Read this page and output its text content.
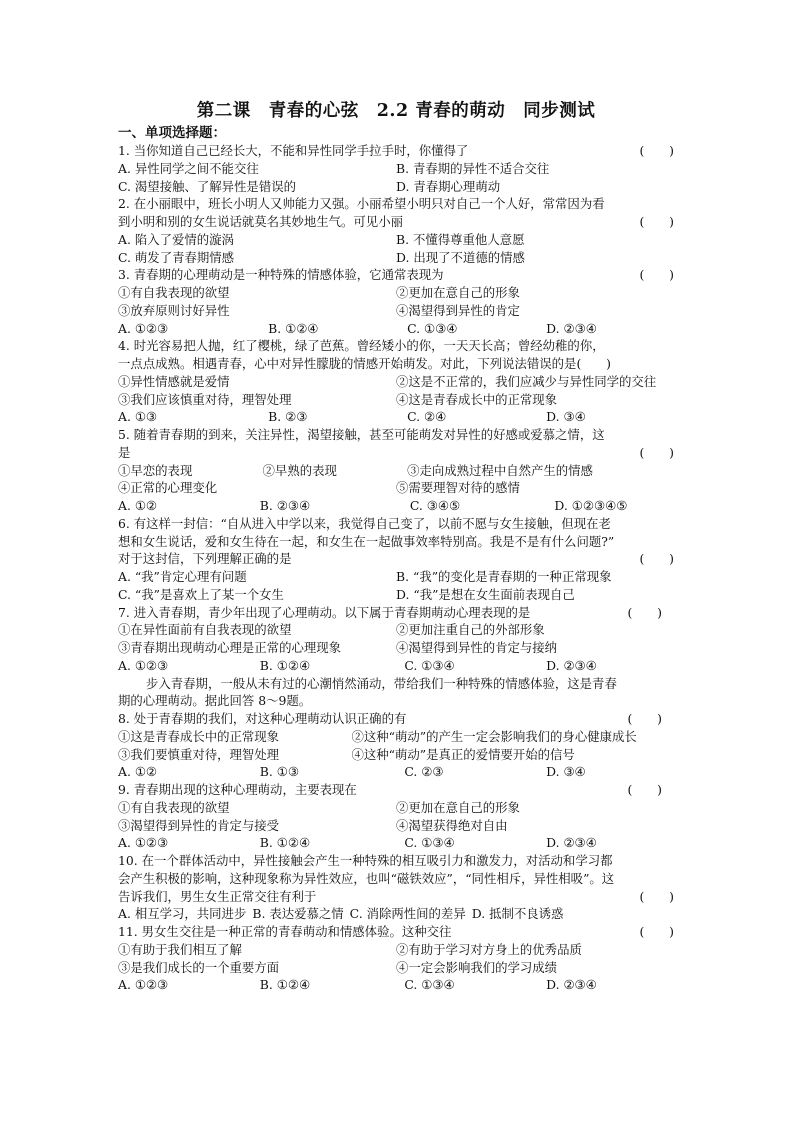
第二课　青春的心弦　2.2 青春的萌动　同步测试
一、单项选择题：
1. 当你知道自己已经长大，不能和异性同学手拉手时，你懂得了	(　　)
A. 异性同学之间不能交往	B. 青春期的异性不适合交往
C. 渴望接触、了解异性是错误的	D. 青春期心理萌动
2. 在小丽眼中，班长小明人又帅能力又强。小丽希望小明只对自己一个人好，常常因为看
到小明和别的女生说话就莫名其妙地生气。可见小丽	(　　)
A. 陷入了爱情的漩涡	B. 不懂得尊重他人意愿
C. 萌发了青春期情感	D. 出现了不道德的情感
3. 青春期的心理萌动是一种特殊的情感体验，它通常表现为	(　　)
①有自我表现的欲望	②更加在意自己的形象
③放弃原则讨好异性	④渴望得到异性的肯定
A. ①②③	B. ①②④	C. ①③④	D. ②③④
4. 时光容易把人抛，红了樱桃，绿了芭蕉。曾经矮小的你，一天天长高；曾经幼稚的你，
一点点成熟。相遇青春，心中对异性朦胧的情感开始萌发。对此，下列说法错误的是(　　)
①异性情感就是爱情	②这是不正常的，我们应减少与异性同学的交往
③我们应该慎重对待，理智处理	④这是青春成长中的正常现象
A. ①③	B. ②③	C. ②④	D. ③④
5. 随着青春期的到来，关注异性，渴望接触，甚至可能萌发对异性的好感或爱慕之情，这
是	(　　)
①早恋的表现	②早熟的表现	③走向成熟过程中自然产生的情感
④正常的心理变化	⑤需要理智对待的感情
A. ①②	B. ②③④	C. ③④⑤	D. ①②③④⑤
6. 有这样一封信：“自从进入中学以来，我觉得自己变了，以前不愿与女生接触，但现在老
想和女生说话，爱和女生待在一起，和女生在一起做事效率特别高。我是不是有什么问题?”
对于这封信，下列理解正确的是	(　　)
A. “我”肯定心理有问题	B. “我”的变化是青春期的一种正常现象
C. “我”是喜欢上了某一个女生	D. “我”是想在女生面前表现自己
7. 进入青春期，青少年出现了心理萌动。以下属于青春期萌动心理表现的是	(　　)
①在异性面前有自我表现的欲望	②更加注重自己的外部形象
③青春期出现萌动心理是正常的心理现象	④渴望得到异性的肯定与接纳
A. ①②③	B. ①②④	C. ①③④	D. ②③④
步入青春期，一般从未有过的心潮悄然涌动，带给我们一种特殊的情感体验，这是青春
期的心理萌动。据此回答 8～9题。
8. 处于青春期的我们，对这种心理萌动认识正确的有	(　　)
①这是青春成长中的正常现象	②这种“萌动”的产生一定会影响我们的身心健康成长
③我们要慎重对待，理智处理	④这种“萌动”是真正的爱情要开始的信号
A. ①②	B. ①③	C. ②③	D. ③④
9. 青春期出现的这种心理萌动，主要表现在	(　　)
①有自我表现的欲望	②更加在意自己的形象
③渴望得到异性的肯定与接受	④渴望获得绝对自由
A. ①②③	B. ①②④	C. ①③④	D. ②③④
10. 在一个群体活动中，异性接触会产生一种特殊的相互吸引力和激发力，对活动和学习都
会产生积极的影响，这种现象称为异性效应，也叫“磁铁效应”，“同性相斥，异性相吸”。这
告诉我们，男生女生正常交往有利于	(　　)
A. 相互学习，共同进步 B. 表达爱慕之情 C. 消除两性间的差异 D. 抵制不良诱惑
11. 男女生交往是一种正常的青春萌动和情感体验。这种交往	(　　)
①有助于我们相互了解	②有助于学习对方身上的优秀品质
③是我们成长的一个重要方面	④一定会影响我们的学习成绩
A. ①②③	B. ①②④	C. ①③④	D. ②③④
